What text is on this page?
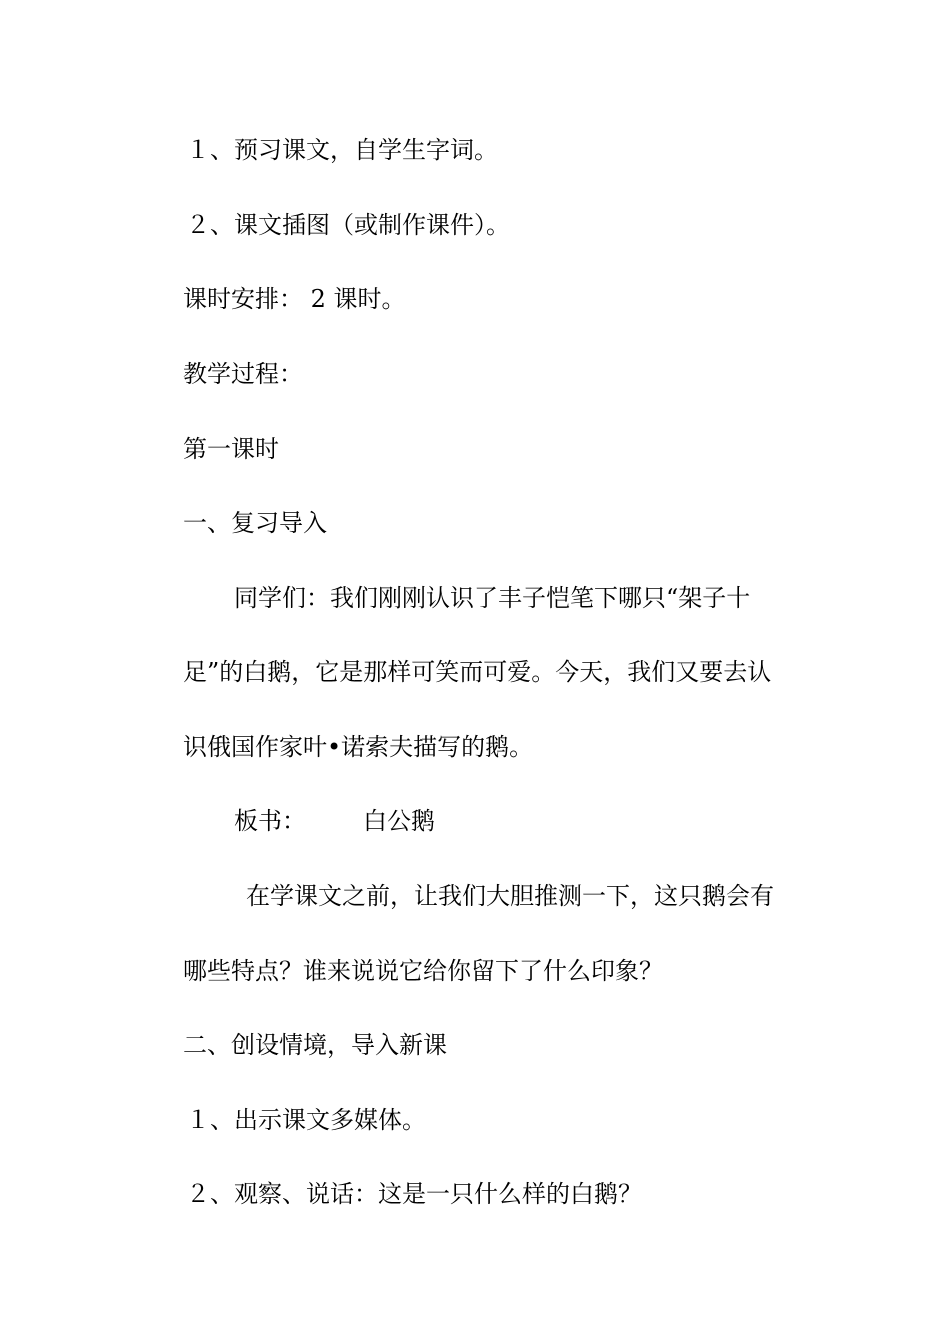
１、预习课文，自学生字词。
２、课文插图（或制作课件）。
课时安排： 2 课时。
教学过程：
第一课时
一、复习导入
同学们：我们刚刚认识了丰子恺笔下哪只“架子十
足”的白鹅，它是那样可笑而可爱。今天，我们又要去认
识俄国作家叶•诺索夫描写的鹅。
板书： 白公鹅
在学课文之前，让我们大胆推测一下，这只鹅会有
哪些特点？谁来说说它给你留下了什么印象？
二、创设情境，导入新课
１、出示课文多媒体。
２、观察、说话：这是一只什么样的白鹅？
